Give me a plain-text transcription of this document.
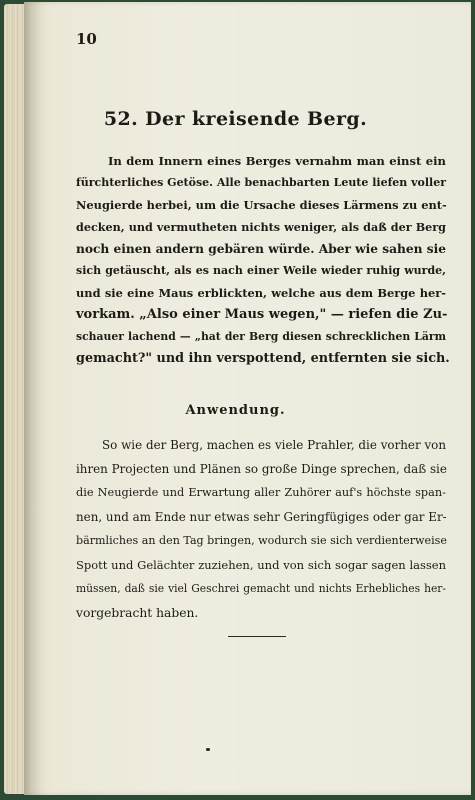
10

52. Der kreisende Berg.

In dem Innern eines Berges vernahm man einst ein

fürchterliches Getöse. Alle benachbarten Leute liefen voller

Neugierde herbei, um die Ursache dieses Lärmens zu ent-

decken, und vermutheten nichts weniger, als daß der Berg

noch einen andern gebären würde. Aber wie sahen sie

sich getäuscht, als es nach einer Weile wieder ruhig wurde,

und sie eine Maus erblickten, welche aus dem Berge her-

vorkam. „Also einer Maus wegen," — riefen die Zu-

schauer lachend — „hat der Berg diesen schrecklichen Lärm

gemacht?" und ihn verspottend, entfernten sie sich.

Anwendung.

So wie der Berg, machen es viele Prahler, die vorher von

ihren Projecten und Plänen so große Dinge sprechen, daß sie

die Neugierde und Erwartung aller Zuhörer auf's höchste span-

nen, und am Ende nur etwas sehr Geringfügiges oder gar Er-

bärmliches an den Tag bringen, wodurch sie sich verdienterweise

Spott und Gelächter zuziehen, und von sich sogar sagen lassen

müssen, daß sie viel Geschrei gemacht und nichts Erhebliches her-

vorgebracht haben.
